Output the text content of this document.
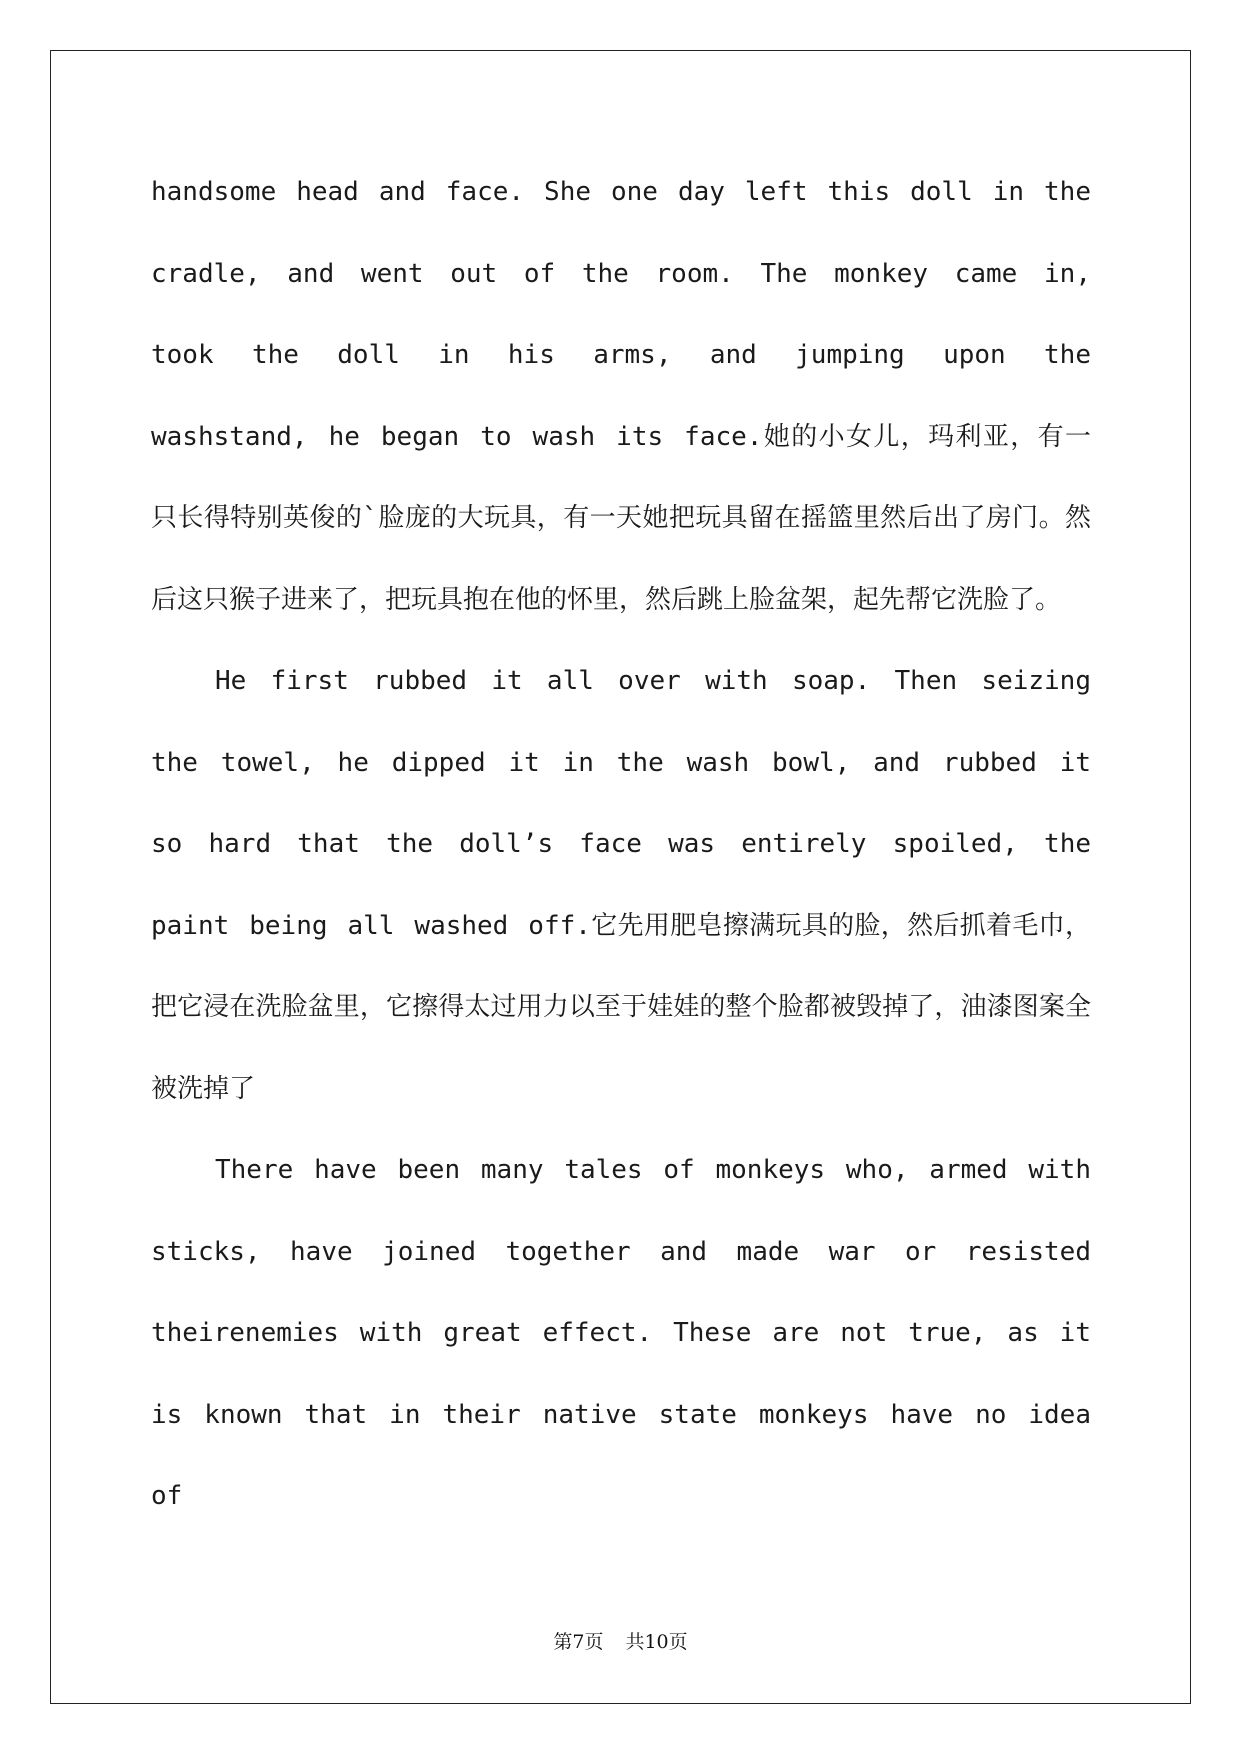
handsome head and face. She one day left this doll in the cradle, and went out of the room. The monkey came in, took the doll in his arms, and jumping upon the washstand, he began to wash its face.她的小女儿，玛利亚，有一只长得特别英俊的`脸庞的大玩具，有一天她把玩具留在摇篮里然后出了房门。然后这只猴子进来了，把玩具抱在他的怀里，然后跳上脸盆架，起先帮它洗脸了。

He first rubbed it all over with soap. Then seizing the towel, he dipped it in the wash bowl, and rubbed it so hard that the doll’s face was entirely spoiled, the paint being all washed off.它先用肥皂擦满玩具的脸，然后抓着毛巾，把它浸在洗脸盆里，它擦得太过用力以至于娃娃的整个脸都被毁掉了，油漆图案全被洗掉了

There have been many tales of monkeys who, armed with sticks, have joined together and made war or resisted theirenemies with great effect. These are not true, as it is known that in their native state monkeys have no idea of

第7页 共10页
